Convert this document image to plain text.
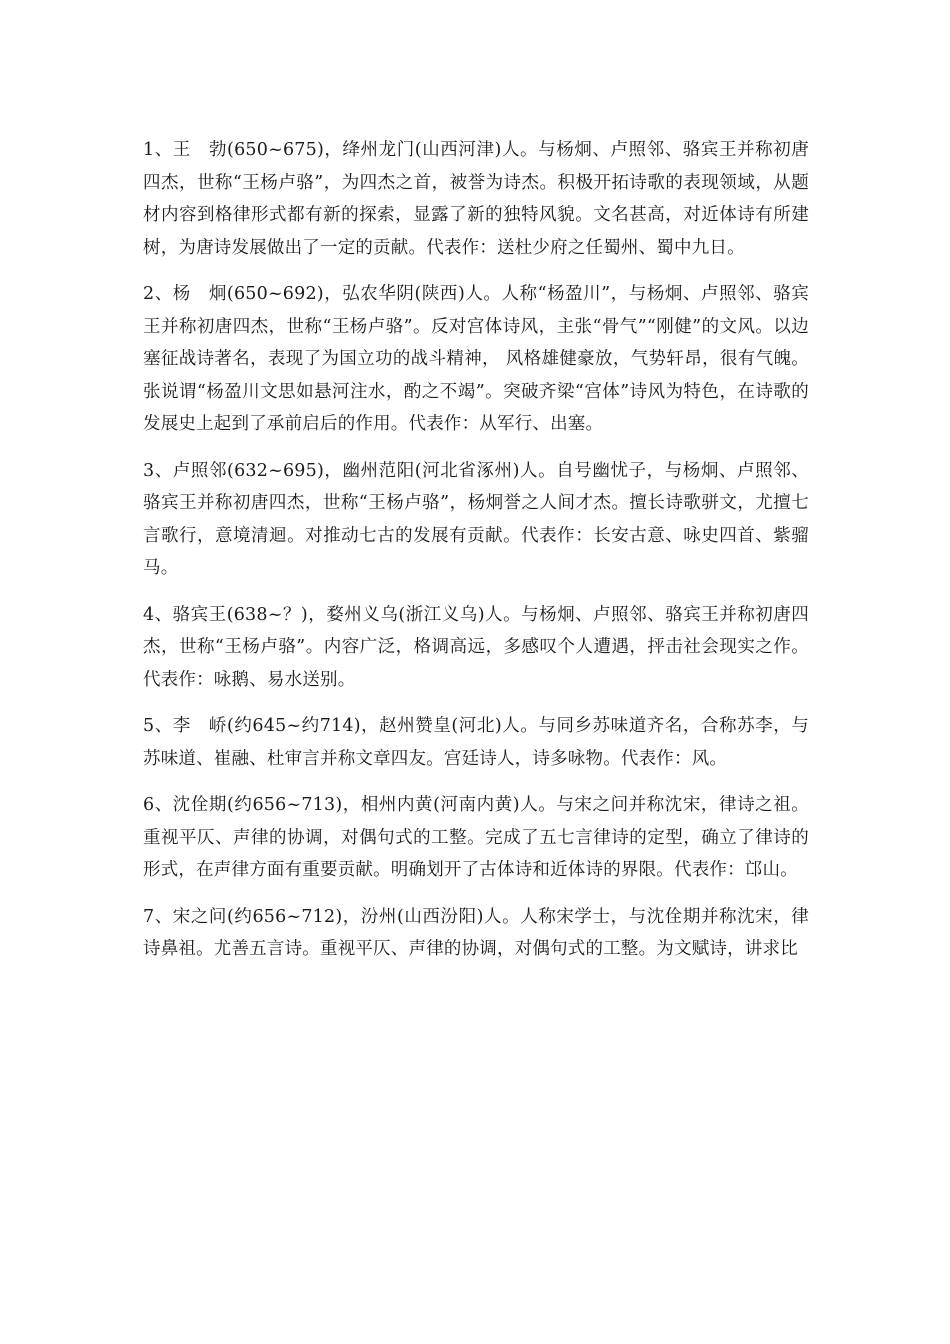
1、王　勃(650~675)，绛州龙门(山西河津)人。与杨炯、卢照邻、骆宾王并称初唐四杰，世称“王杨卢骆”，为四杰之首，被誉为诗杰。积极开拓诗歌的表现领域，从题材内容到格律形式都有新的探索，显露了新的独特风貌。文名甚高，对近体诗有所建树，为唐诗发展做出了一定的贡献。代表作：送杜少府之任蜀州、蜀中九日。

2、杨　炯(650~692)，弘农华阴(陕西)人。人称“杨盈川”，与杨炯、卢照邻、骆宾王并称初唐四杰，世称“王杨卢骆”。反对宫体诗风，主张“骨气”“刚健”的文风。以边塞征战诗著名，表现了为国立功的战斗精神， 风格雄健豪放，气势轩昂，很有气魄。张说谓“杨盈川文思如悬河注水，酌之不竭”。突破齐梁“宫体”诗风为特色，在诗歌的发展史上起到了承前启后的作用。代表作：从军行、出塞。

3、卢照邻(632~695)，幽州范阳(河北省涿州)人。自号幽忧子，与杨炯、卢照邻、骆宾王并称初唐四杰，世称“王杨卢骆”，杨炯誉之人间才杰。擅长诗歌骈文，尤擅七言歌行，意境清迴。对推动七古的发展有贡献。代表作：长安古意、咏史四首、紫骝马。

4、骆宾王(638~？)，婺州义乌(浙江义乌)人。与杨炯、卢照邻、骆宾王并称初唐四杰，世称“王杨卢骆”。内容广泛，格调高远，多感叹个人遭遇，抨击社会现实之作。代表作：咏鹅、易水送别。

5、李　峤(约645~约714)，赵州赞皇(河北)人。与同乡苏味道齐名，合称苏李，与苏味道、崔融、杜审言并称文章四友。宫廷诗人，诗多咏物。代表作：风。

6、沈佺期(约656~713)，相州内黄(河南内黄)人。与宋之问并称沈宋，律诗之祖。重视平仄、声律的协调，对偶句式的工整。完成了五七言律诗的定型，确立了律诗的形式，在声律方面有重要贡献。明确划开了古体诗和近体诗的界限。代表作：邙山。

7、宋之问(约656~712)，汾州(山西汾阳)人。人称宋学士，与沈佺期并称沈宋，律诗鼻祖。尤善五言诗。重视平仄、声律的协调，对偶句式的工整。为文赋诗，讲求比
